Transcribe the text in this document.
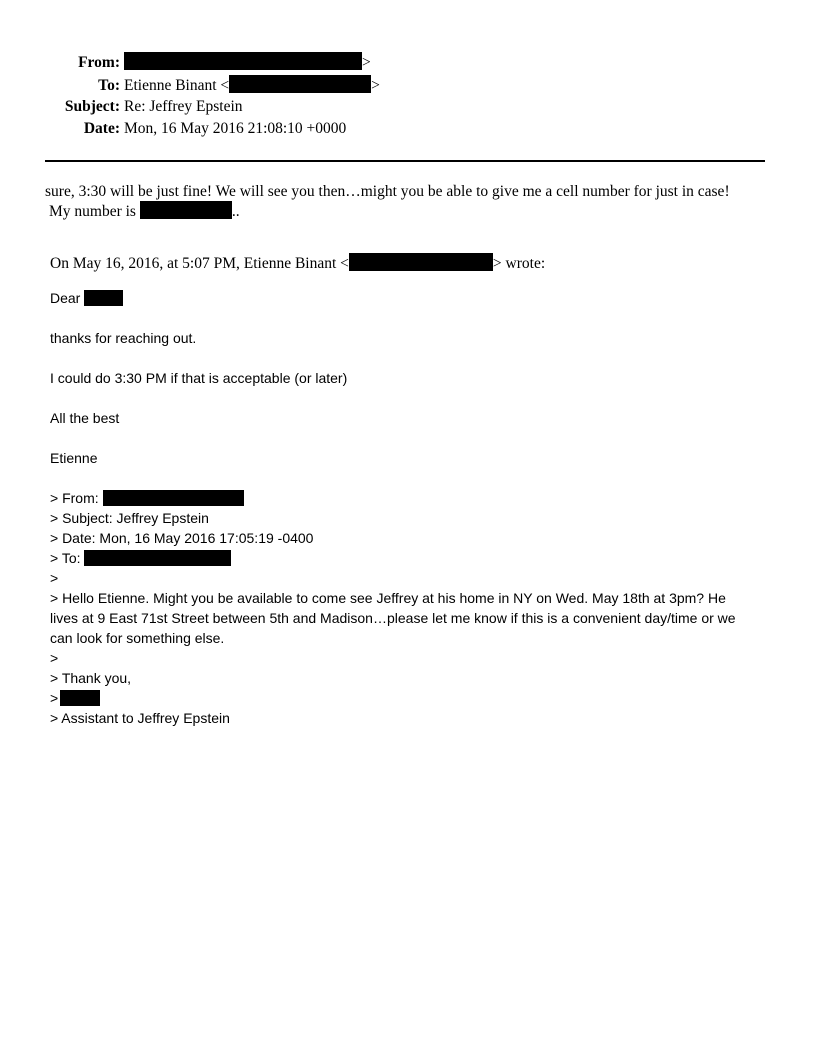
From:	>
To: Etienne Binant <	>
Subject: Re: Jeffrey Epstein
Date: Mon, 16 May 2016 21:08:10 +0000
sure, 3:30 will be just fine! We will see you then…might you be able to give me a cell number for just in case!
My number is	..
On May 16, 2016, at 5:07 PM, Etienne Binant <	> wrote:
Dear
thanks for reaching out.
I could do 3:30 PM if that is acceptable (or later)
All the best
Etienne
> From:
> Subject: Jeffrey Epstein
> Date: Mon, 16 May 2016 17:05:19 -0400
> To:
>
> Hello Etienne. Might you be available to come see Jeffrey at his home in NY on Wed. May 18th at 3pm? He
lives at 9 East 71st Street between 5th and Madison…please let me know if this is a convenient day/time or we
can look for something else.
>
> Thank you,
>
> Assistant to Jeffrey Epstein
